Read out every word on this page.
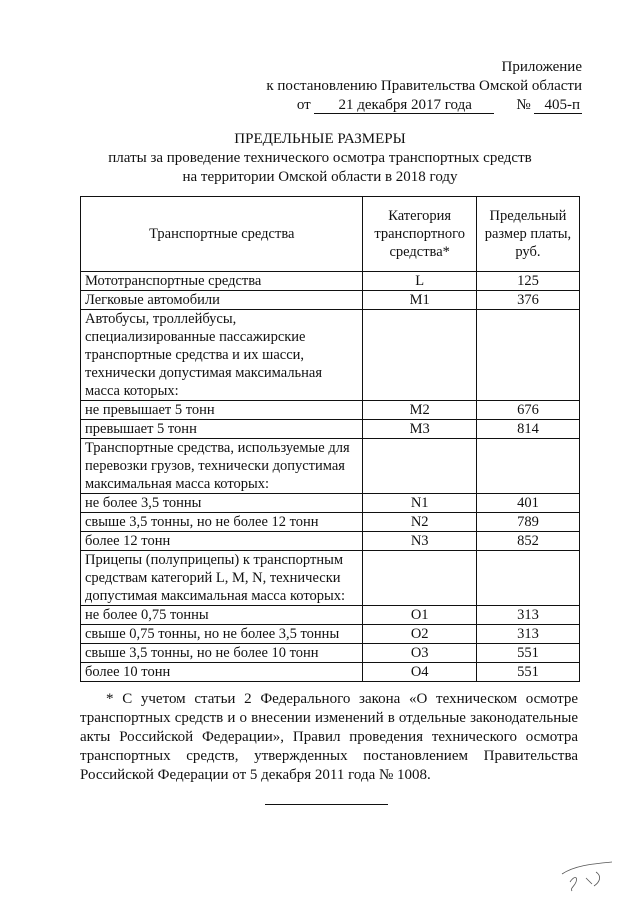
Приложение
к постановлению Правительства Омской области
от 21 декабря 2017 года	№ 405-п
ПРЕДЕЛЬНЫЕ РАЗМЕРЫ
платы за проведение технического осмотра транспортных средств
на территории Омской области в 2018 году
Транспортные средства	Категория транспортного средства*	Предельный размер платы, руб.
Мототранспортные средства	L	125
Легковые автомобили	M1	376
Автобусы, троллейбусы, специализированные пассажирские транспортные средства и их шасси, технически допустимая максимальная масса которых:		
не превышает 5 тонн	M2	676
превышает 5 тонн	M3	814
Транспортные средства, используемые для перевозки грузов, технически допустимая максимальная масса которых:		
не более 3,5 тонны	N1	401
свыше 3,5 тонны, но не более 12 тонн	N2	789
более 12 тонн	N3	852
Прицепы (полуприцепы) к транспортным средствам категорий L, M, N, технически допустимая максимальная масса которых:		
не более 0,75 тонны	O1	313
свыше 0,75 тонны, но не более 3,5 тонны	O2	313
свыше 3,5 тонны, но не более 10 тонн	O3	551
более 10 тонн	O4	551
* С учетом статьи 2 Федерального закона «О техническом осмотре транспортных средств и о внесении изменений в отдельные законодательные акты Российской Федерации», Правил проведения технического осмотра транспортных средств, утвержденных постановлением Правительства Российской Федерации от 5 декабря 2011 года № 1008.
